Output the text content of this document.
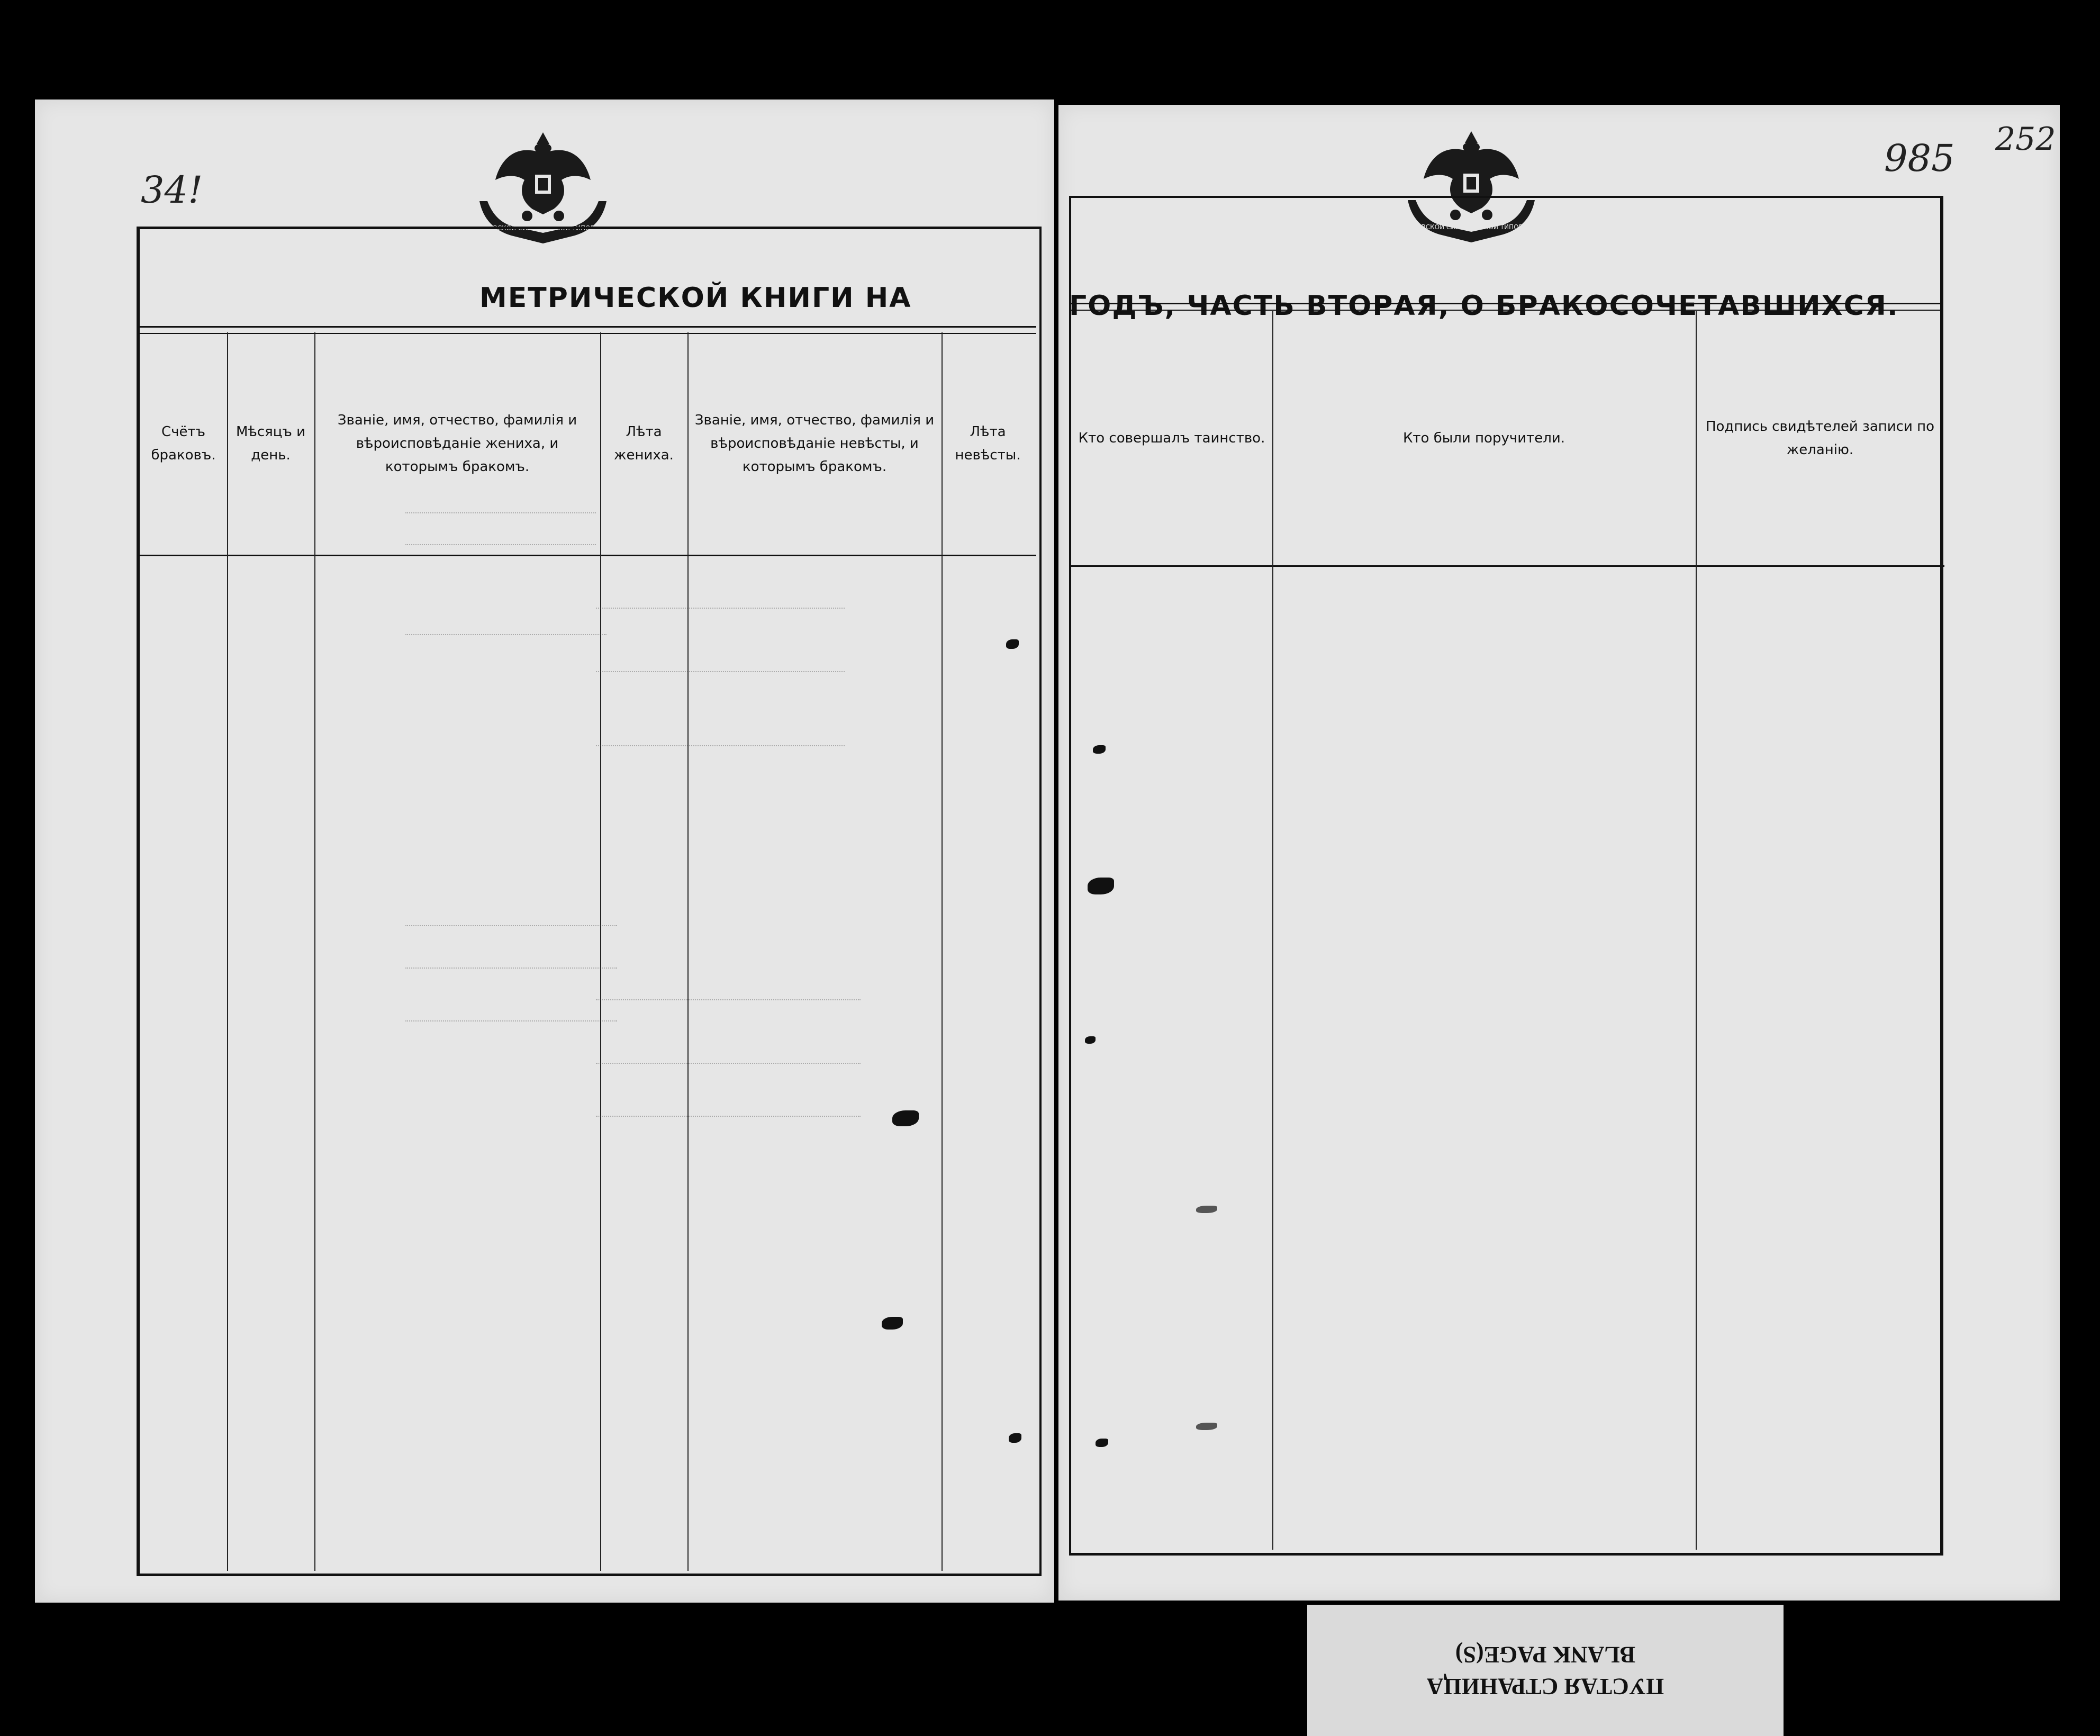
МОСКОВСКОЙ СИНОДАЛЬНОЙ ТИПОГРАФИИ
34!
МЕТРИЧЕСКОЙ КНИГИ НА
Счётъ браковъ.
Мѣсяцъ и день.
Званіе, имя, отчество, фамилія и вѣроисповѣданіе жениха, и которымъ бракомъ.
Лѣта жениха.
Званіе, имя, отчество, фамилія и вѣроисповѣданіе невѣсты, и которымъ бракомъ.
Лѣта невѣсты.
МОСКОВСКОЙ СИНОДАЛЬНОЙ ТИПОГРАФИИ
985 252
ГОДЪ, ЧАСТЬ ВТОРАЯ, О БРАКОСОЧЕТАВШИХСЯ.
Кто совершалъ таинство.	Кто были поручители.
Подпись свидѣтелей записи по желанію.
ПУСТАЯ СТРАНИЦА
BLANK PAGE(S)
